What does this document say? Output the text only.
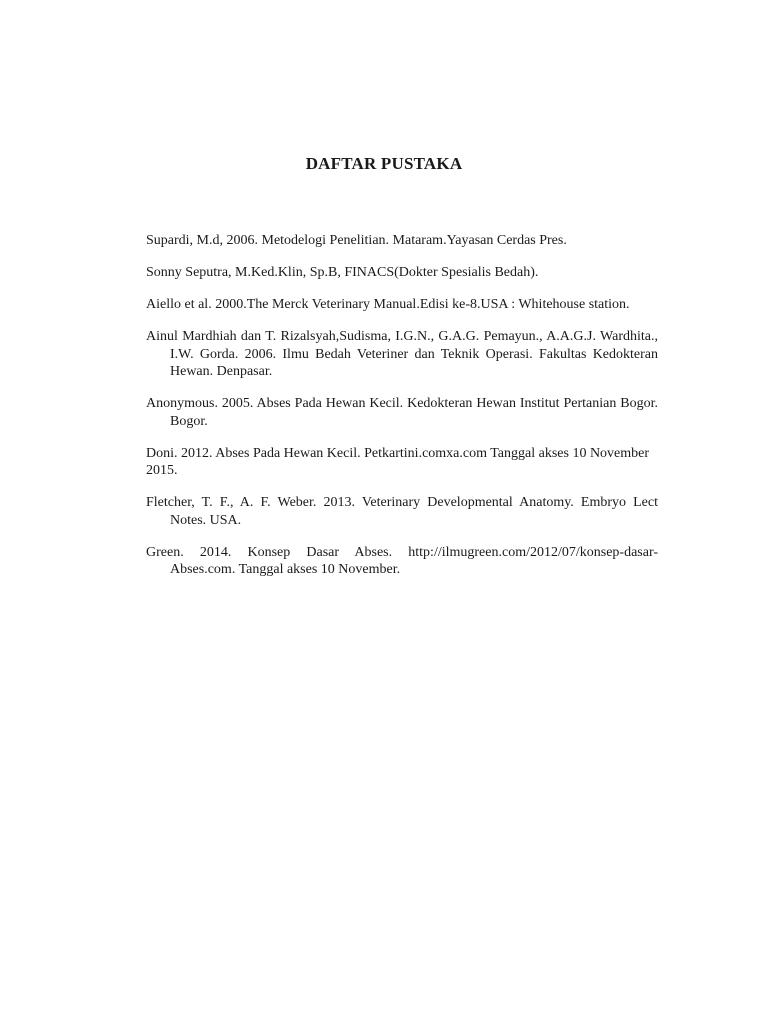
DAFTAR PUSTAKA
Supardi, M.d, 2006. Metodelogi Penelitian. Mataram.Yayasan Cerdas Pres.
Sonny Seputra, M.Ked.Klin, Sp.B, FINACS(Dokter Spesialis Bedah).
Aiello et al. 2000.The Merck Veterinary Manual.Edisi ke-8.USA : Whitehouse station.
Ainul Mardhiah dan T. Rizalsyah,Sudisma, I.G.N., G.A.G. Pemayun., A.A.G.J. Wardhita., I.W. Gorda. 2006. Ilmu Bedah Veteriner dan Teknik Operasi. Fakultas Kedokteran Hewan. Denpasar.
Anonymous. 2005. Abses Pada Hewan Kecil. Kedokteran Hewan Institut Pertanian Bogor. Bogor.
Doni. 2012. Abses Pada Hewan Kecil. Petkartini.comxa.com Tanggal akses 10 November 2015.
Fletcher, T. F., A. F. Weber. 2013. Veterinary Developmental Anatomy. Embryo Lect Notes. USA.
Green. 2014. Konsep Dasar Abses. http://ilmugreen.com/2012/07/konsep-dasar-Abses.com. Tanggal akses 10 November.
